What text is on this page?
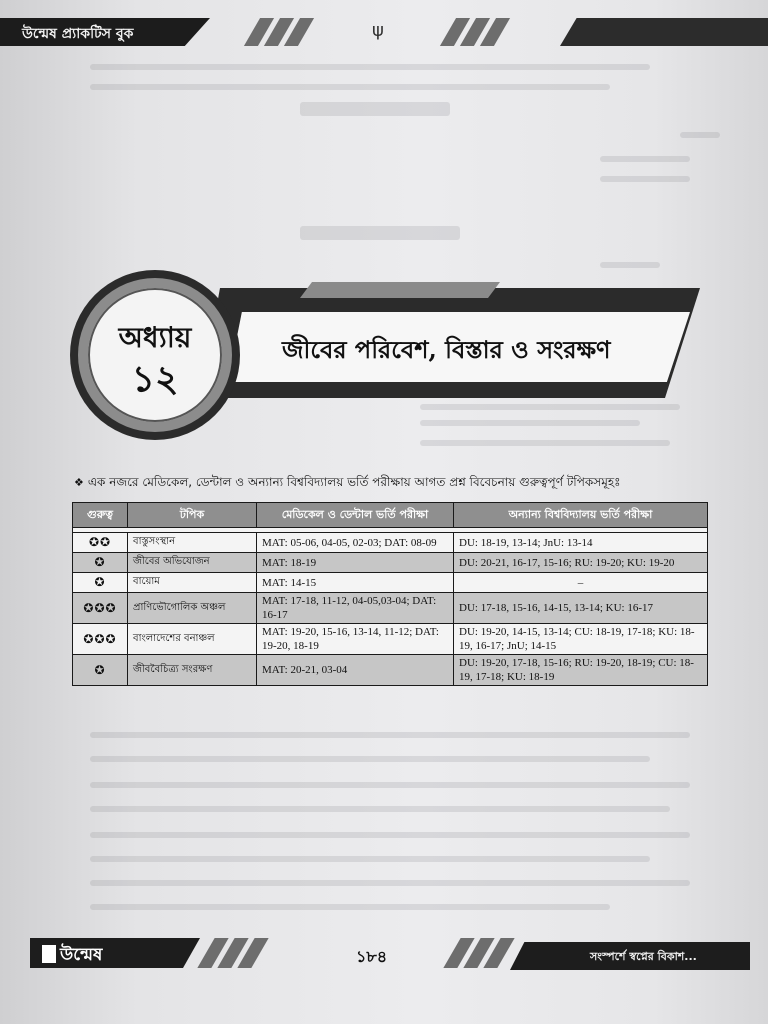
উন্মেষ প্র্যাকটিস বুক	ψ
জীবের পরিবেশ, বিস্তার ও সংরক্ষণ
অধ্যায়
১২
❖ এক নজরে মেডিকেল, ডেন্টাল ও অন্যান্য বিশ্ববিদ্যালয় ভর্তি পরীক্ষায় আগত প্রশ্ন বিবেচনায় গুরুত্বপূর্ণ টপিকসমূহঃ
গুরুত্ব	টপিক	মেডিকেল ও ডেন্টাল ভর্তি পরীক্ষা	অন্যান্য বিশ্ববিদ্যালয় ভর্তি পরীক্ষা

✪✪	বাস্তুসংস্থান	MAT: 05-06, 04-05, 02-03; DAT: 08-09	DU: 18-19, 13-14; JnU: 13-14
✪	জীবের অভিযোজন	MAT: 18-19	DU: 20-21, 16-17, 15-16; RU: 19-20; KU: 19-20
✪	বায়োম	MAT: 14-15	–
✪✪✪	প্রাণিভৌগোলিক অঞ্চল	MAT: 17-18, 11-12, 04-05,03-04; DAT: 16-17	DU: 17-18, 15-16, 14-15, 13-14; KU: 16-17
✪✪✪	বাংলাদেশের বনাঞ্চল	MAT: 19-20, 15-16, 13-14, 11-12; DAT: 19-20, 18-19	DU: 19-20, 14-15, 13-14; CU: 18-19, 17-18; KU: 18-19, 16-17; JnU; 14-15
✪	জীববৈচিত্র্য সংরক্ষণ	MAT: 20-21, 03-04	DU: 19-20, 17-18, 15-16; RU: 19-20, 18-19; CU: 18-19, 17-18; KU: 18-19
উন্মেষ	১৮৪	সংস্পর্শে স্বপ্নের বিকাশ...
